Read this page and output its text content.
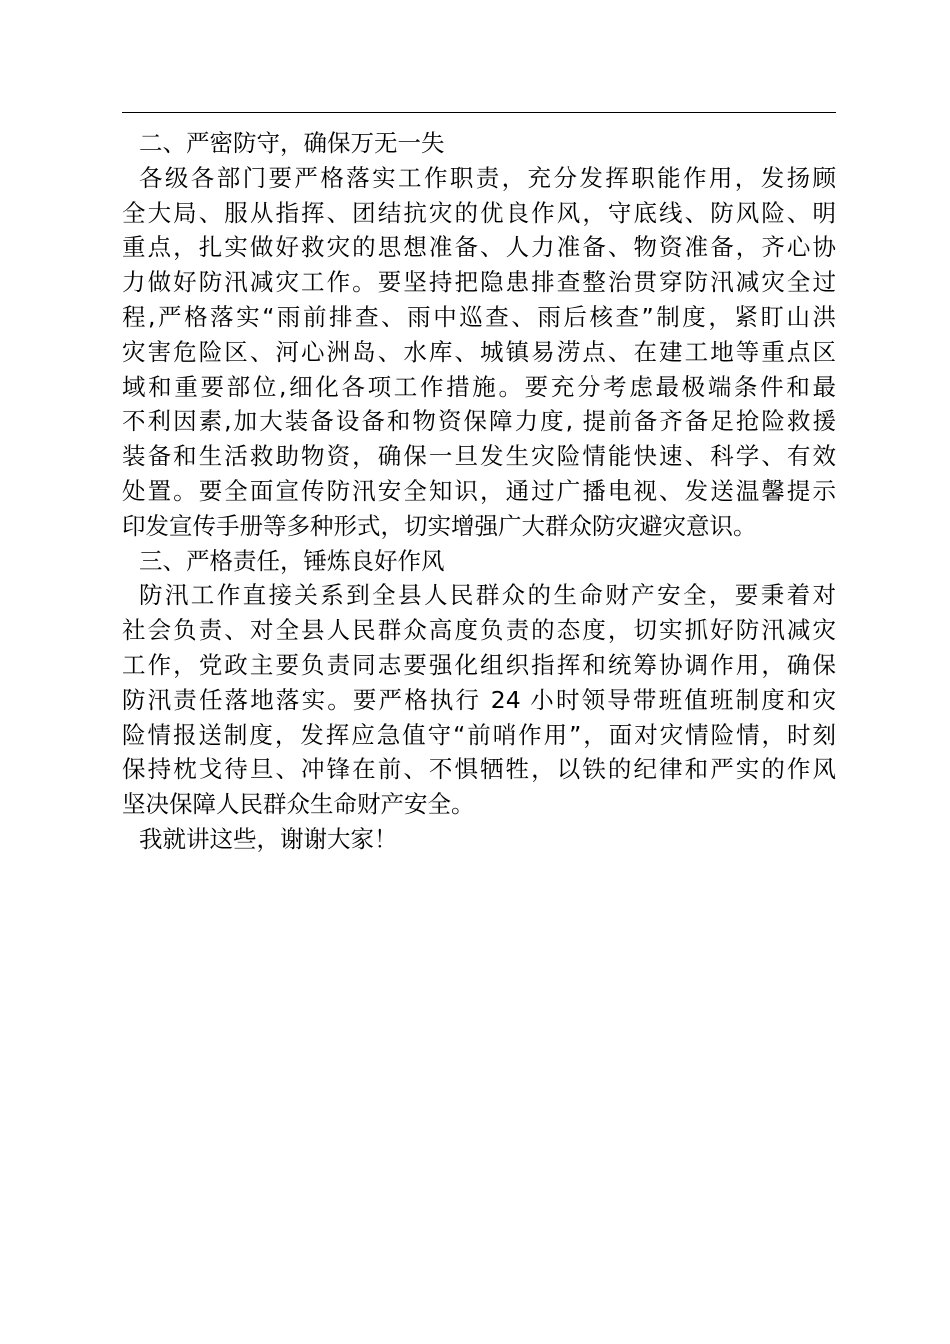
二、严密防守，确保万无一失
各级各部门要严格落实工作职责，充分发挥职能作用，发扬顾
全大局、服从指挥、团结抗灾的优良作风，守底线、防风险、明
重点，扎实做好救灾的思想准备、人力准备、物资准备，齐心协
力做好防汛减灾工作。要坚持把隐患排查整治贯穿防汛减灾全过
程,严格落实“雨前排查、雨中巡查、雨后核查”制度，紧盯山洪
灾害危险区、河心洲岛、水库、城镇易涝点、在建工地等重点区
域和重要部位,细化各项工作措施。要充分考虑最极端条件和最
不利因素,加大装备设备和物资保障力度, 提前备齐备足抢险救援
装备和生活救助物资，确保一旦发生灾险情能快速、科学、有效
处置。要全面宣传防汛安全知识，通过广播电视、发送温馨提示
印发宣传手册等多种形式，切实增强广大群众防灾避灾意识。
三、严格责任，锤炼良好作风
防汛工作直接关系到全县人民群众的生命财产安全，要秉着对
社会负责、对全县人民群众高度负责的态度，切实抓好防汛减灾
工作，党政主要负责同志要强化组织指挥和统筹协调作用，确保
防汛责任落地落实。要严格执行 24 小时领导带班值班制度和灾
险情报送制度，发挥应急值守“前哨作用”，面对灾情险情，时刻
保持枕戈待旦、冲锋在前、不惧牺牲，以铁的纪律和严实的作风
坚决保障人民群众生命财产安全。
我就讲这些，谢谢大家！
